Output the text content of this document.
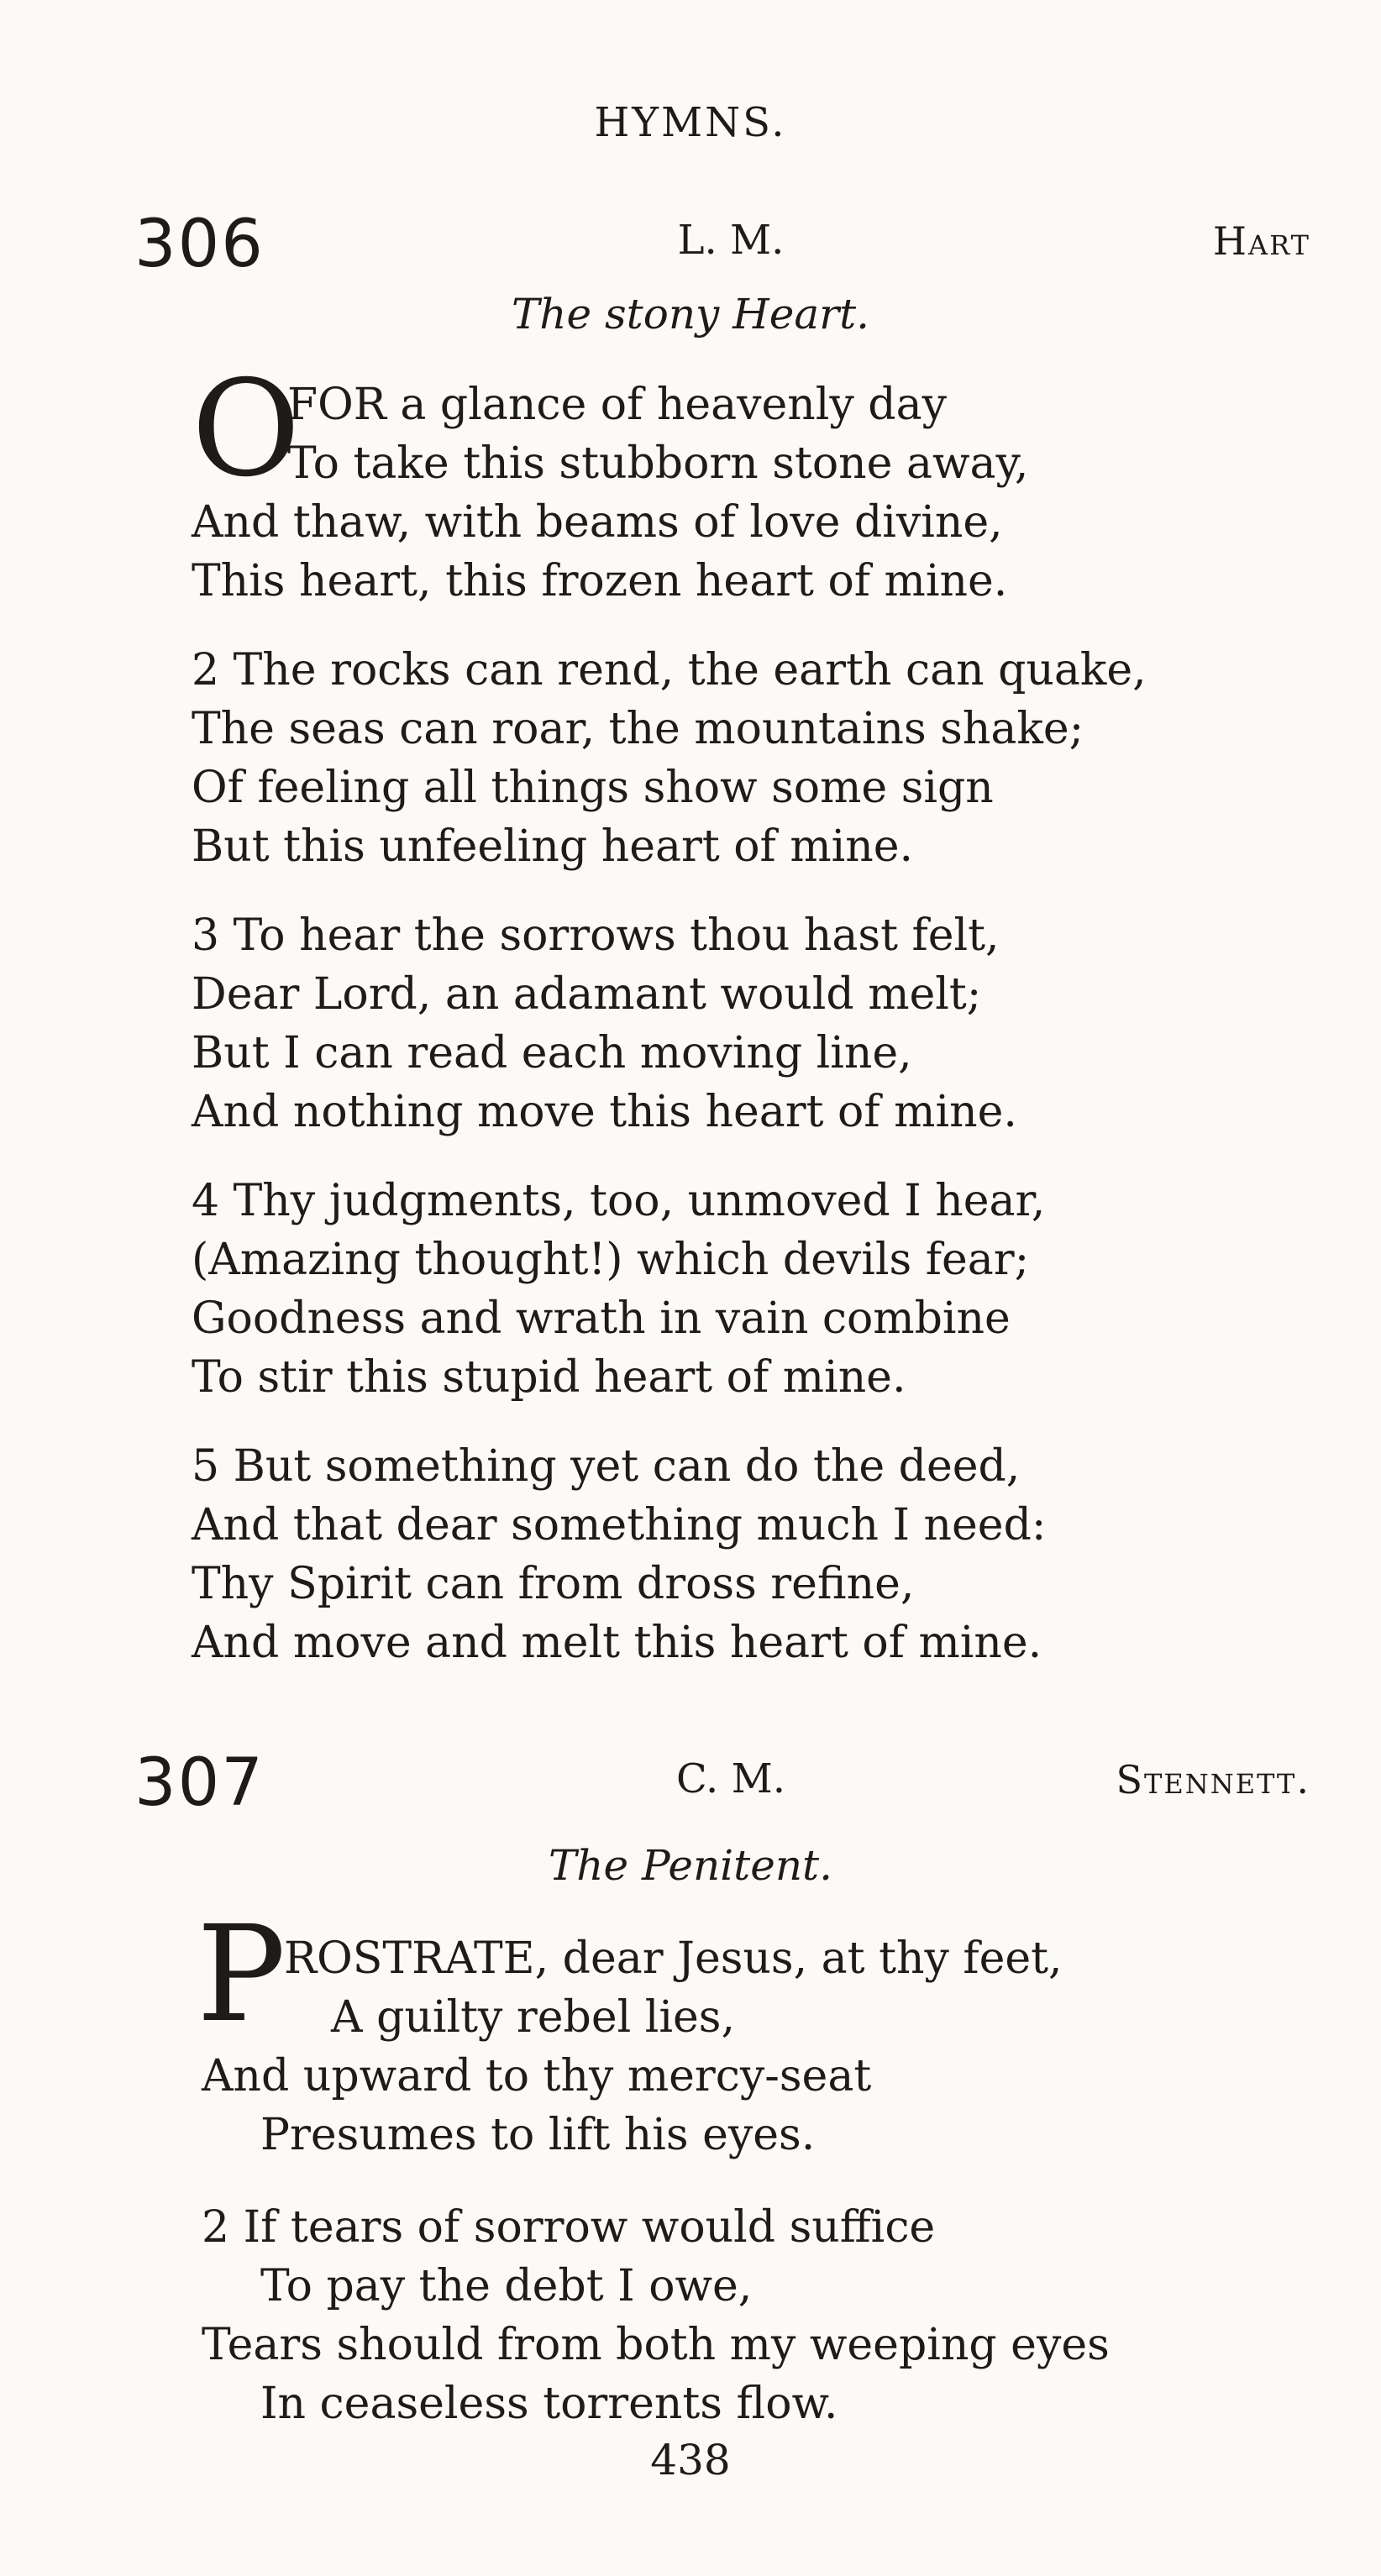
HYMNS.
306	L. M.	Hart
The stony Heart.
O
FOR a glance of heavenly day
To take this stubborn stone away,
And thaw, with beams of love divine,
This heart, this frozen heart of mine.
2 The rocks can rend, the earth can quake,
The seas can roar, the mountains shake;
Of feeling all things show some sign
But this unfeeling heart of mine.
3 To hear the sorrows thou hast felt,
Dear Lord, an adamant would melt;
But I can read each moving line,
And nothing move this heart of mine.
4 Thy judgments, too, unmoved I hear,
(Amazing thought!) which devils fear;
Goodness and wrath in vain combine
To stir this stupid heart of mine.
5 But something yet can do the deed,
And that dear something much I need:
Thy Spirit can from dross refine,
And move and melt this heart of mine.
307	C. M.	Stennett.
The Penitent.
P
ROSTRATE, dear Jesus, at thy feet,
A guilty rebel lies,
And upward to thy mercy-seat
Presumes to lift his eyes.
2 If tears of sorrow would suffice
To pay the debt I owe,
Tears should from both my weeping eyes
In ceaseless torrents flow.
438
